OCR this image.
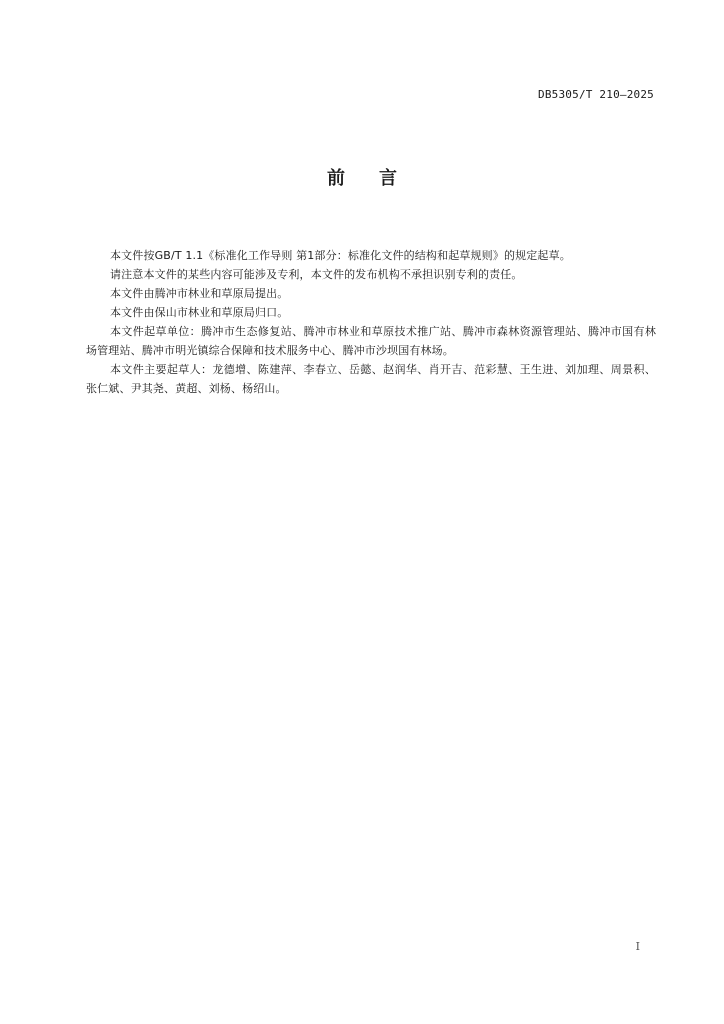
DB5305/T 210—2025
前 言

本文件按GB/T 1.1《标准化工作导则 第1部分：标准化文件的结构和起草规则》的规定起草。

请注意本文件的某些内容可能涉及专利，本文件的发布机构不承担识别专利的责任。

本文件由腾冲市林业和草原局提出。

本文件由保山市林业和草原局归口。

本文件起草单位：腾冲市生态修复站、腾冲市林业和草原技术推广站、腾冲市森林资源管理站、腾冲市国有林场管理站、腾冲市明光镇综合保障和技术服务中心、腾冲市沙坝国有林场。

本文件主要起草人：龙德增、陈建萍、李春立、岳懿、赵润华、肖开吉、范彩慧、王生进、刘加理、周景积、张仁斌、尹其尧、黄超、刘杨、杨绍山。

I
